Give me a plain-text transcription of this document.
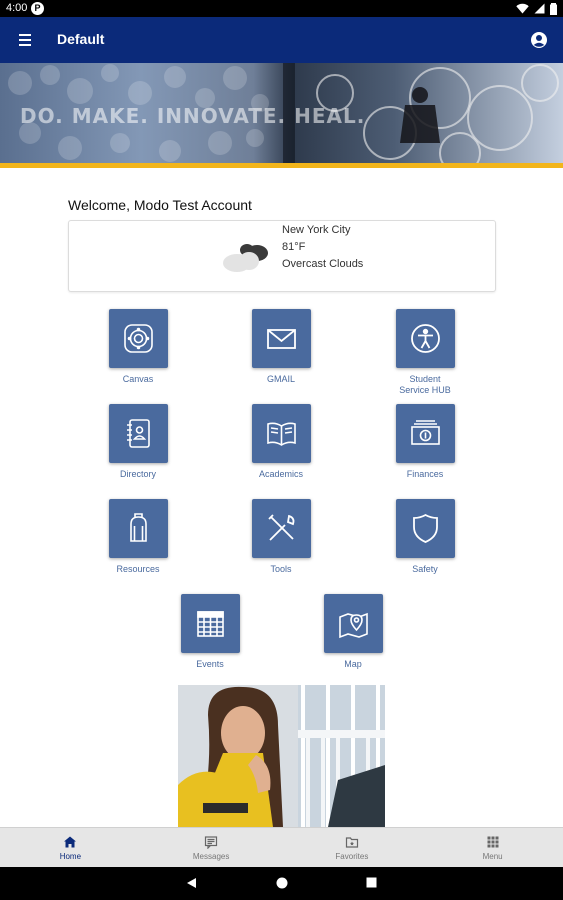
4:00 P
Default
DO. MAKE. INNOVATE. HEAL.
Welcome, Modo Test Account
New York City
81°F
Overcast Clouds
Canvas	GMAIL	Student
Service HUB
Directory	Academics	Finances
Resources	Tools	Safety
Events	Map
Home	Messages	Favorites	Menu
